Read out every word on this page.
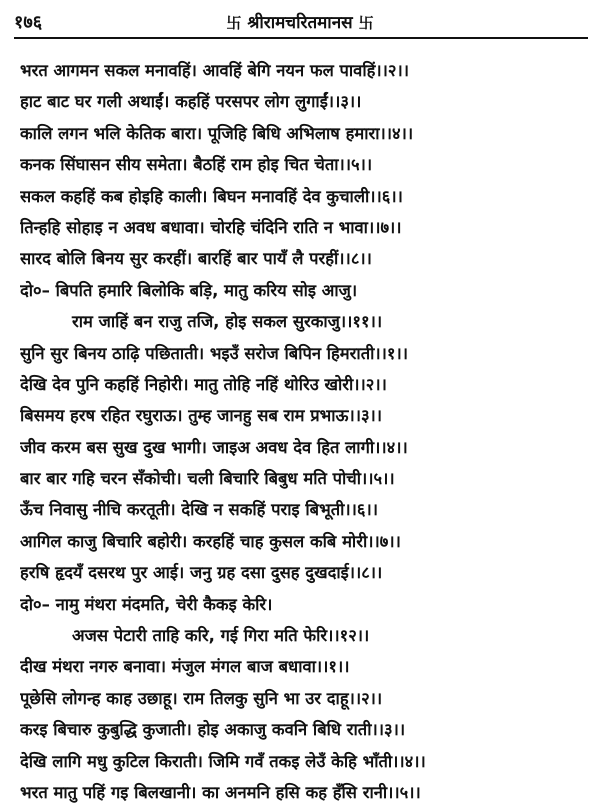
१७६	卐 श्रीरामचरितमानस 卐
भरत आगमन सकल मनावहिं। आवहिं बेगि नयन फल पावहिं।।२।।
हाट बाट घर गली अथाईं। कहहिं परसपर लोग लुगाईं।।३।।
कालि लगन भलि केतिक बारा। पूजिहि बिधि अभिलाष हमारा।।४।।
कनक सिंघासन सीय समेता। बैठहिं राम होइ चित चेता।।५।।
सकल कहहिं कब होइहि काली। बिघन मनावहिं देव कुचाली।।६।।
तिन्हहि सोहाइ न अवध बधावा। चोरहि चंदिनि राति न भावा।।७।।
सारद बोलि बिनय सुर करहीं। बारहिं बार पायँ लै परहीं।।८।।
दो०– बिपति हमारि बिलोकि बड़ि, मातु करिय सोइ आजु।
राम जाहिं बन राजु तजि, होइ सकल सुरकाजु।।११।।
सुनि सुर बिनय ठाढ़ि पछिताती। भइउँ सरोज बिपिन हिमराती।।१।।
देखि देव पुनि कहहिं निहोरी। मातु तोहि नहिं थोरिउ खोरी।।२।।
बिसमय हरष रहित रघुराऊ। तुम्ह जानहु सब राम प्रभाऊ।।३।।
जीव करम बस सुख दुख भागी। जाइअ अवध देव हित लागी।।४।।
बार बार गहि चरन सँकोची। चली बिचारि बिबुध मति पोची।।५।।
ऊँच निवासु नीचि करतूती। देखि न सकहिं पराइ बिभूती।।६।।
आगिल काजु बिचारि बहोरी। करहहिं चाह कुसल कबि मोरी।।७।।
हरषि हृदयँ दसरथ पुर आई। जनु ग्रह दसा दुसह दुखदाई।।८।।
दो०– नामु मंथरा मंदमति, चेरी कैकइ केरि।
अजस पेटारी ताहि करि, गई गिरा मति फेरि।।१२।।
दीख मंथरा नगरु बनावा। मंजुल मंगल बाज बधावा।।१।।
पूछेसि लोगन्ह काह उछाहू। राम तिलकु सुनि भा उर दाहू।।२।।
करइ बिचारु कुबुद्धि कुजाती। होइ अकाजु कवनि बिधि राती।।३।।
देखि लागि मधु कुटिल किराती। जिमि गवँ तकइ लेउँ केहि भाँती।।४।।
भरत मातु पहिं गइ बिलखानी। का अनमनि हसि कह हँसि रानी।।५।।
